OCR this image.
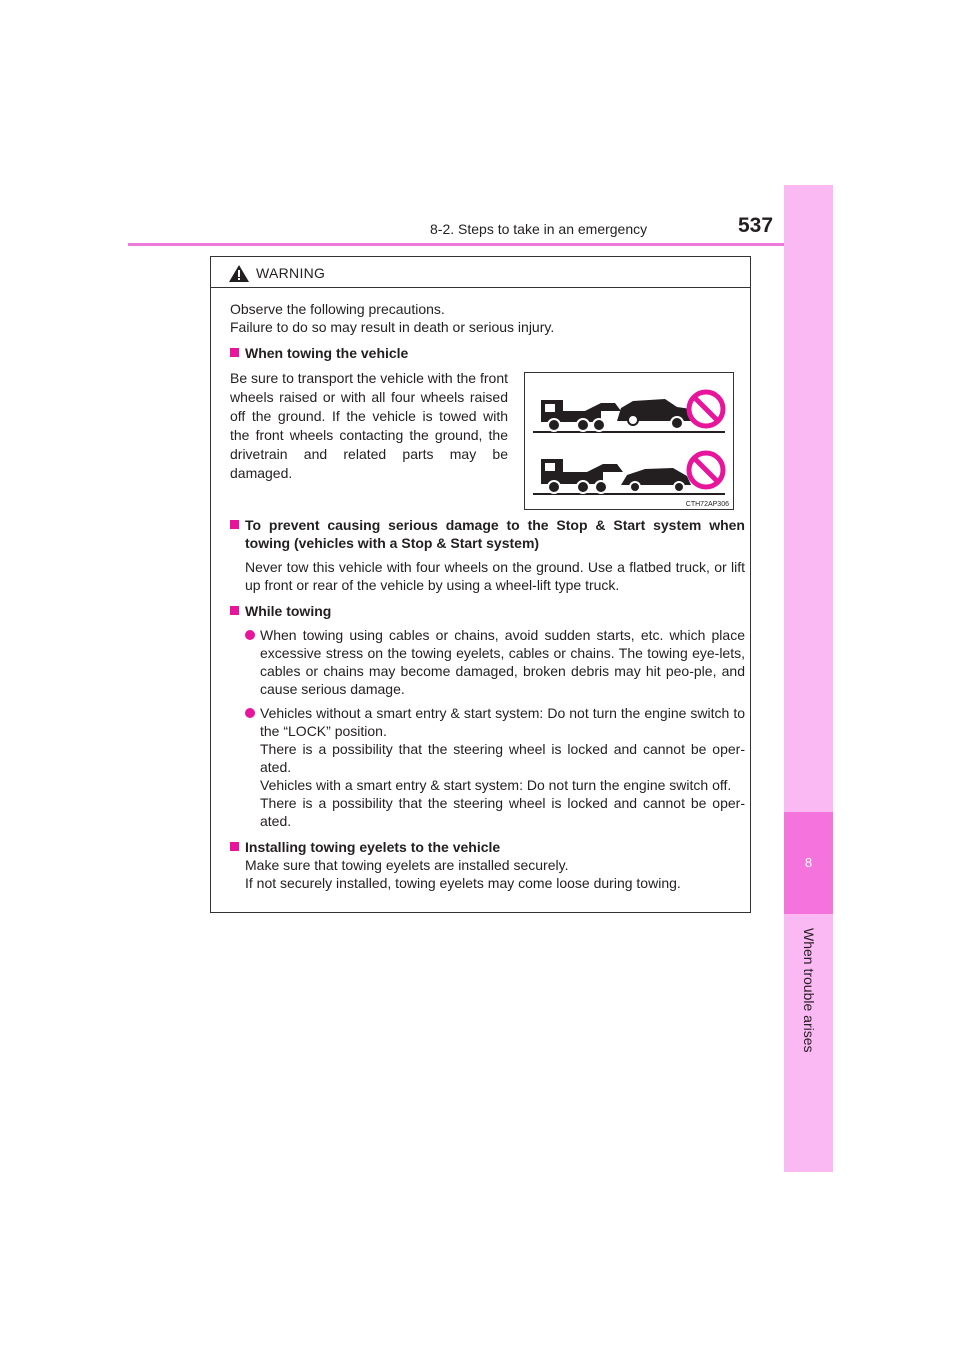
8-2. Steps to take in an emergency	537
8
When trouble arises
WARNING
Observe the following precautions.
Failure to do so may result in death or serious injury.
When towing the vehicle
Be sure to transport the vehicle with the front wheels raised or with all four wheels raised off the ground. If the vehicle is towed with the front wheels contacting the ground, the drivetrain and related parts may be damaged.
CTH72AP306
To prevent causing serious damage to the Stop & Start system when towing (vehicles with a Stop & Start system)
Never tow this vehicle with four wheels on the ground. Use a flatbed truck, or lift up front or rear of the vehicle by using a wheel-lift type truck.
While towing
When towing using cables or chains, avoid sudden starts, etc. which place excessive stress on the towing eyelets, cables or chains. The towing eye-lets, cables or chains may become damaged, broken debris may hit peo-ple, and cause serious damage.
Vehicles without a smart entry & start system: Do not turn the engine switch to the “LOCK” position.
There is a possibility that the steering wheel is locked and cannot be oper-ated.
Vehicles with a smart entry & start system: Do not turn the engine switch off.
There is a possibility that the steering wheel is locked and cannot be oper-ated.
Installing towing eyelets to the vehicle
Make sure that towing eyelets are installed securely.
If not securely installed, towing eyelets may come loose during towing.
